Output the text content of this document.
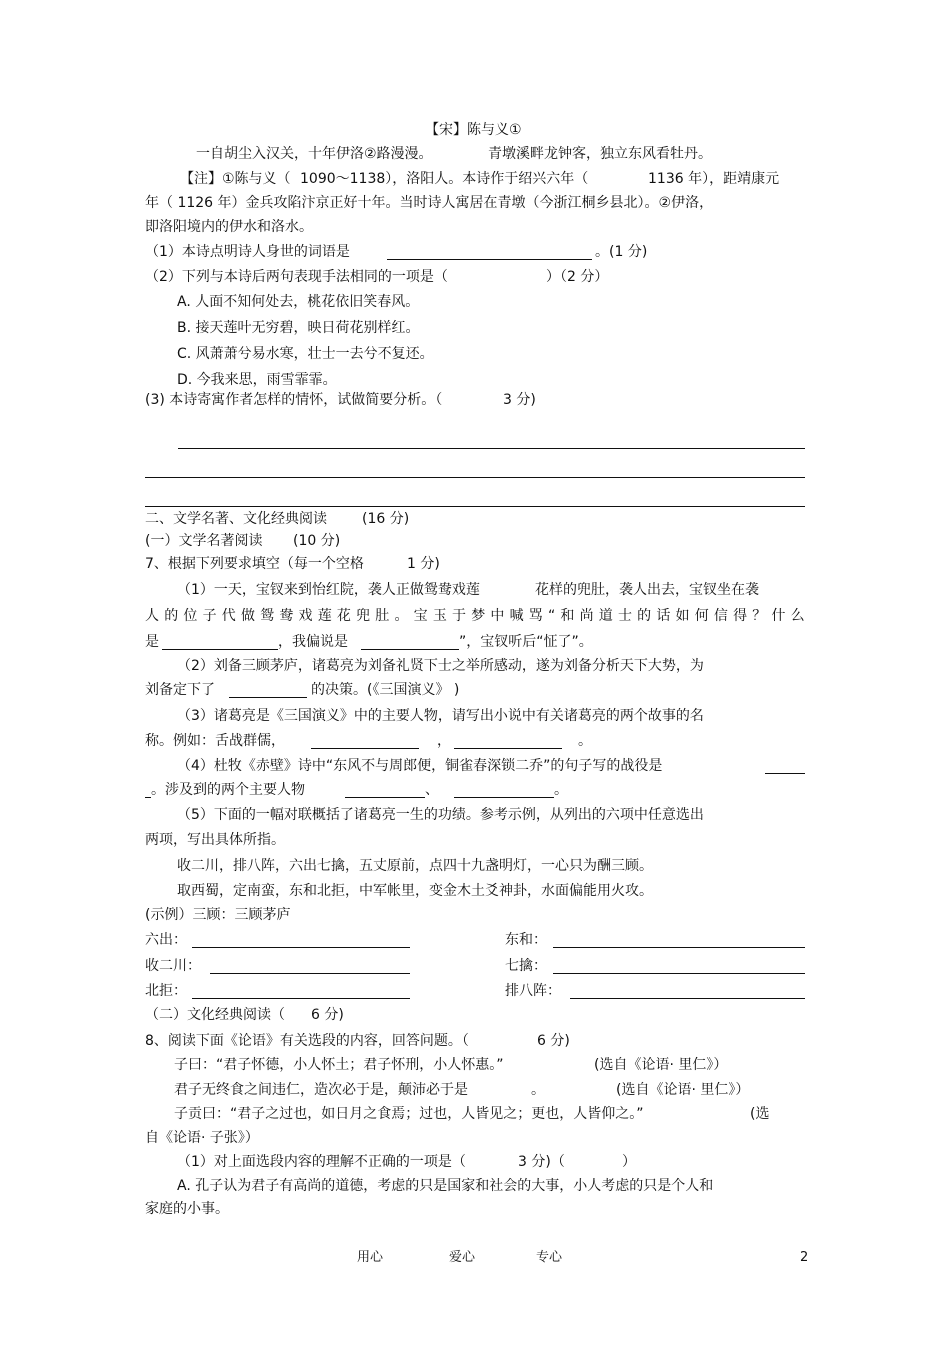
【宋】陈与义①
一自胡尘入汉关，十年伊洛②路漫漫。	青墩溪畔龙钟客，独立东风看牡丹。
【注】①陈与义（ 1090～1138），洛阳人。本诗作于绍兴六年（	1136 年），距靖康元
年（ 1126 年）金兵攻陷汴京正好十年。当时诗人寓居在青墩（今浙江桐乡县北）。②伊洛，
即洛阳境内的伊水和洛水。
（1）本诗点明诗人身世的词语是	。(1 分)
（2）下列与本诗后两句表现手法相同的一项是（	）（2 分）
A. 人面不知何处去，桃花依旧笑春风。
B. 接天莲叶无穷碧，映日荷花别样红。
C. 风萧萧兮易水寒，壮士一去兮不复还。
D. 今我来思，雨雪霏霏。
(3) 本诗寄寓作者怎样的情怀，试做简要分析。（	3 分)
二、文学名著、文化经典阅读	(16 分)
(一）文学名著阅读 (10 分)
7、根据下列要求填空（每一个空格	1 分)
（1）一天，宝钗来到怡红院，袭人正做鸳鸯戏莲	花样的兜肚，袭人出去，宝钗坐在袭
人 的 位 子 代 做 鸳 鸯 戏 莲 花 兜 肚 。 宝 玉 于 梦 中 喊 骂 “ 和 尚 道 士 的 话 如 何 信 得 ？ 什 么
是	，我偏说是	”，宝钗听后“怔了”。
（2）刘备三顾茅庐，诸葛亮为刘备礼贤下士之举所感动，遂为刘备分析天下大势，为
刘备定下了	的决策。(《三国演义》 )
（3）诸葛亮是《三国演义》中的主要人物，请写出小说中有关诸葛亮的两个故事的名
称。例如：舌战群儒，	，	。
（4）杜牧《赤壁》诗中“东风不与周郎便，铜雀春深锁二乔”的句子写的战役是
。涉及到的两个主要人物	、	。
（5）下面的一幅对联概括了诸葛亮一生的功绩。参考示例，从列出的六项中任意选出
两项，写出具体所指。
收二川，排八阵，六出七擒，五丈原前，点四十九盏明灯，一心只为酬三顾。
取西蜀，定南蛮，东和北拒，中军帐里，变金木土爻神卦，水面偏能用火攻。
(示例）三顾：三顾茅庐
六出：	东和：
收二川：	七擒：
北拒：	排八阵：
（二）文化经典阅读（ 6 分)
8、阅读下面《论语》有关选段的内容，回答问题。（	6 分)
子曰：“君子怀德，小人怀土；君子怀刑，小人怀惠。”	(选自《论语· 里仁》）
君子无终食之间违仁，造次必于是，颠沛必于是	。	(选自《论语· 里仁》）
子贡曰：“君子之过也，如日月之食焉；过也，人皆见之；更也，人皆仰之。”	(选
自《论语· 子张》）
（1）对上面选段内容的理解不正确的一项是（	3 分)（	）
A. 孔子认为君子有高尚的道德，考虑的只是国家和社会的大事，小人考虑的只是个人和
家庭的小事。
用心	爱心	专心	2
